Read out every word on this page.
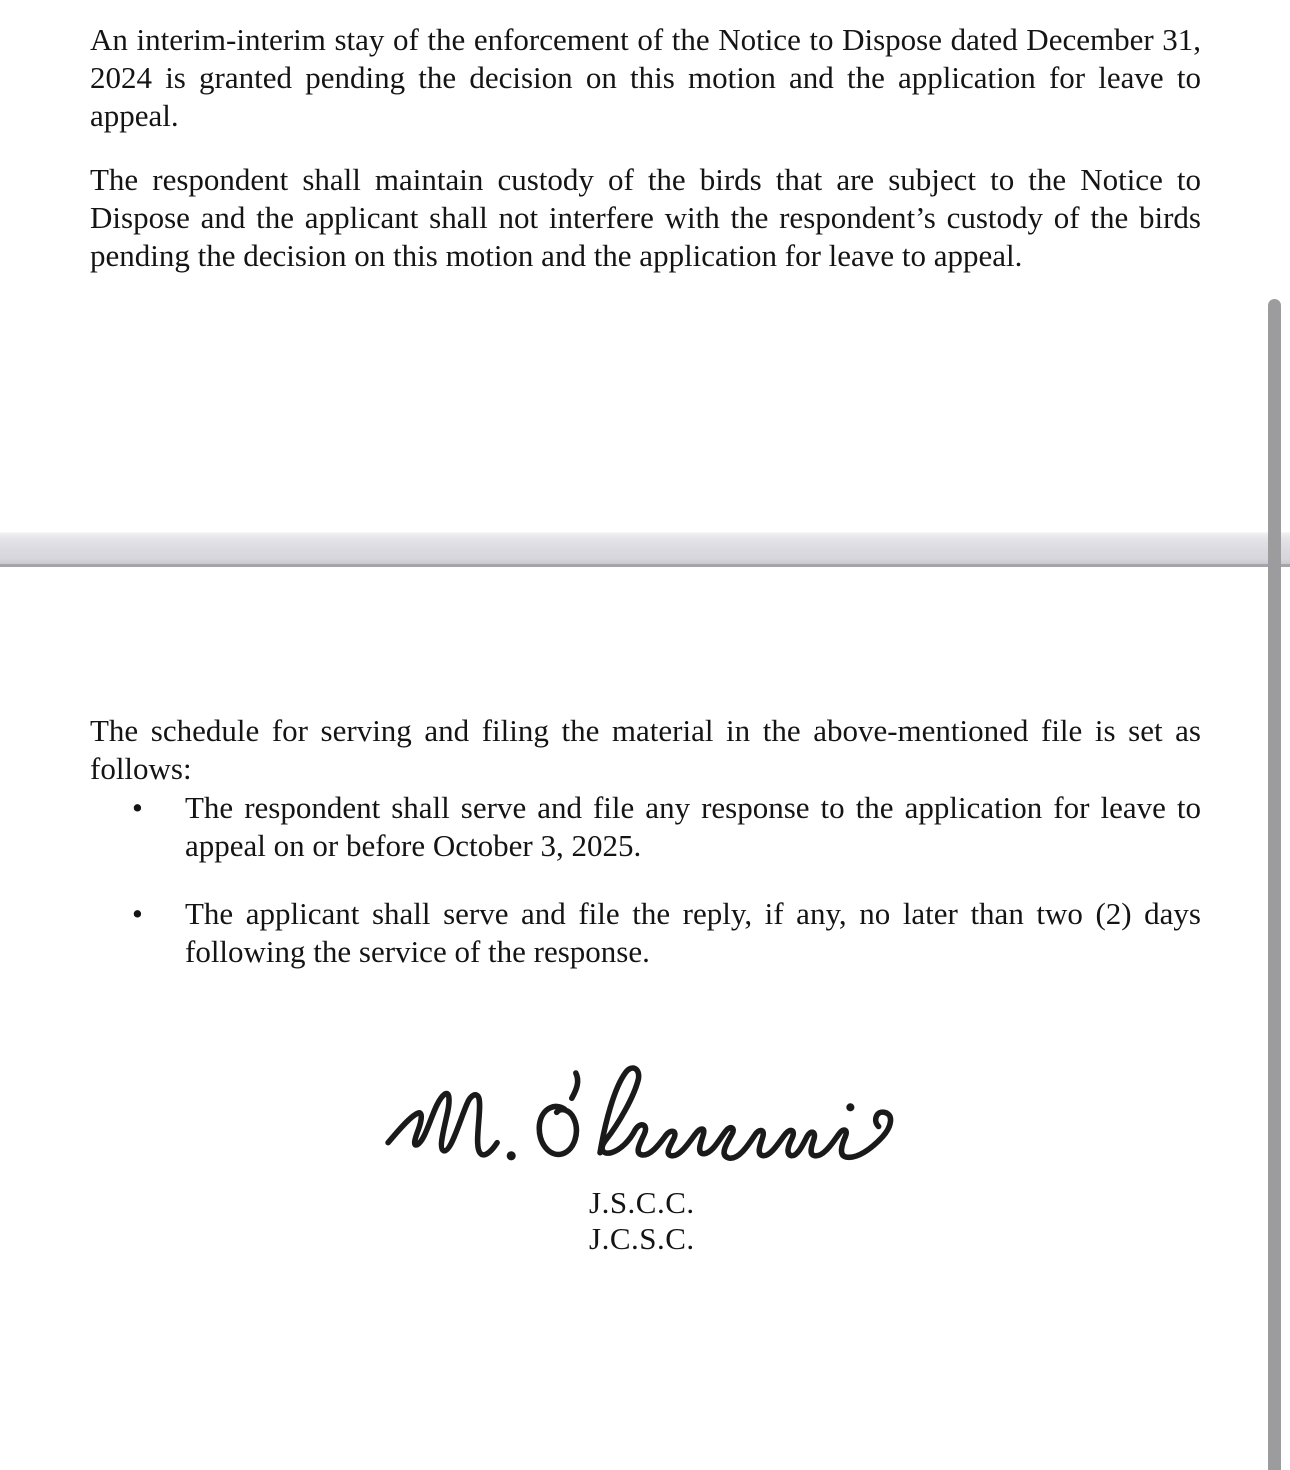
An interim-interim stay of the enforcement of the Notice to Dispose dated December 31, 2024 is granted pending the decision on this motion and the application for leave to appeal.

The respondent shall maintain custody of the birds that are subject to the Notice to Dispose and the applicant shall not interfere with the respondent’s custody of the birds pending the decision on this motion and the application for leave to appeal.

The schedule for serving and filing the material in the above-mentioned file is set as follows:

• The respondent shall serve and file any response to the application for leave to appeal on or before October 3, 2025.
• The applicant shall serve and file the reply, if any, no later than two (2) days following the service of the response.
J.S.C.C.
J.C.S.C.
